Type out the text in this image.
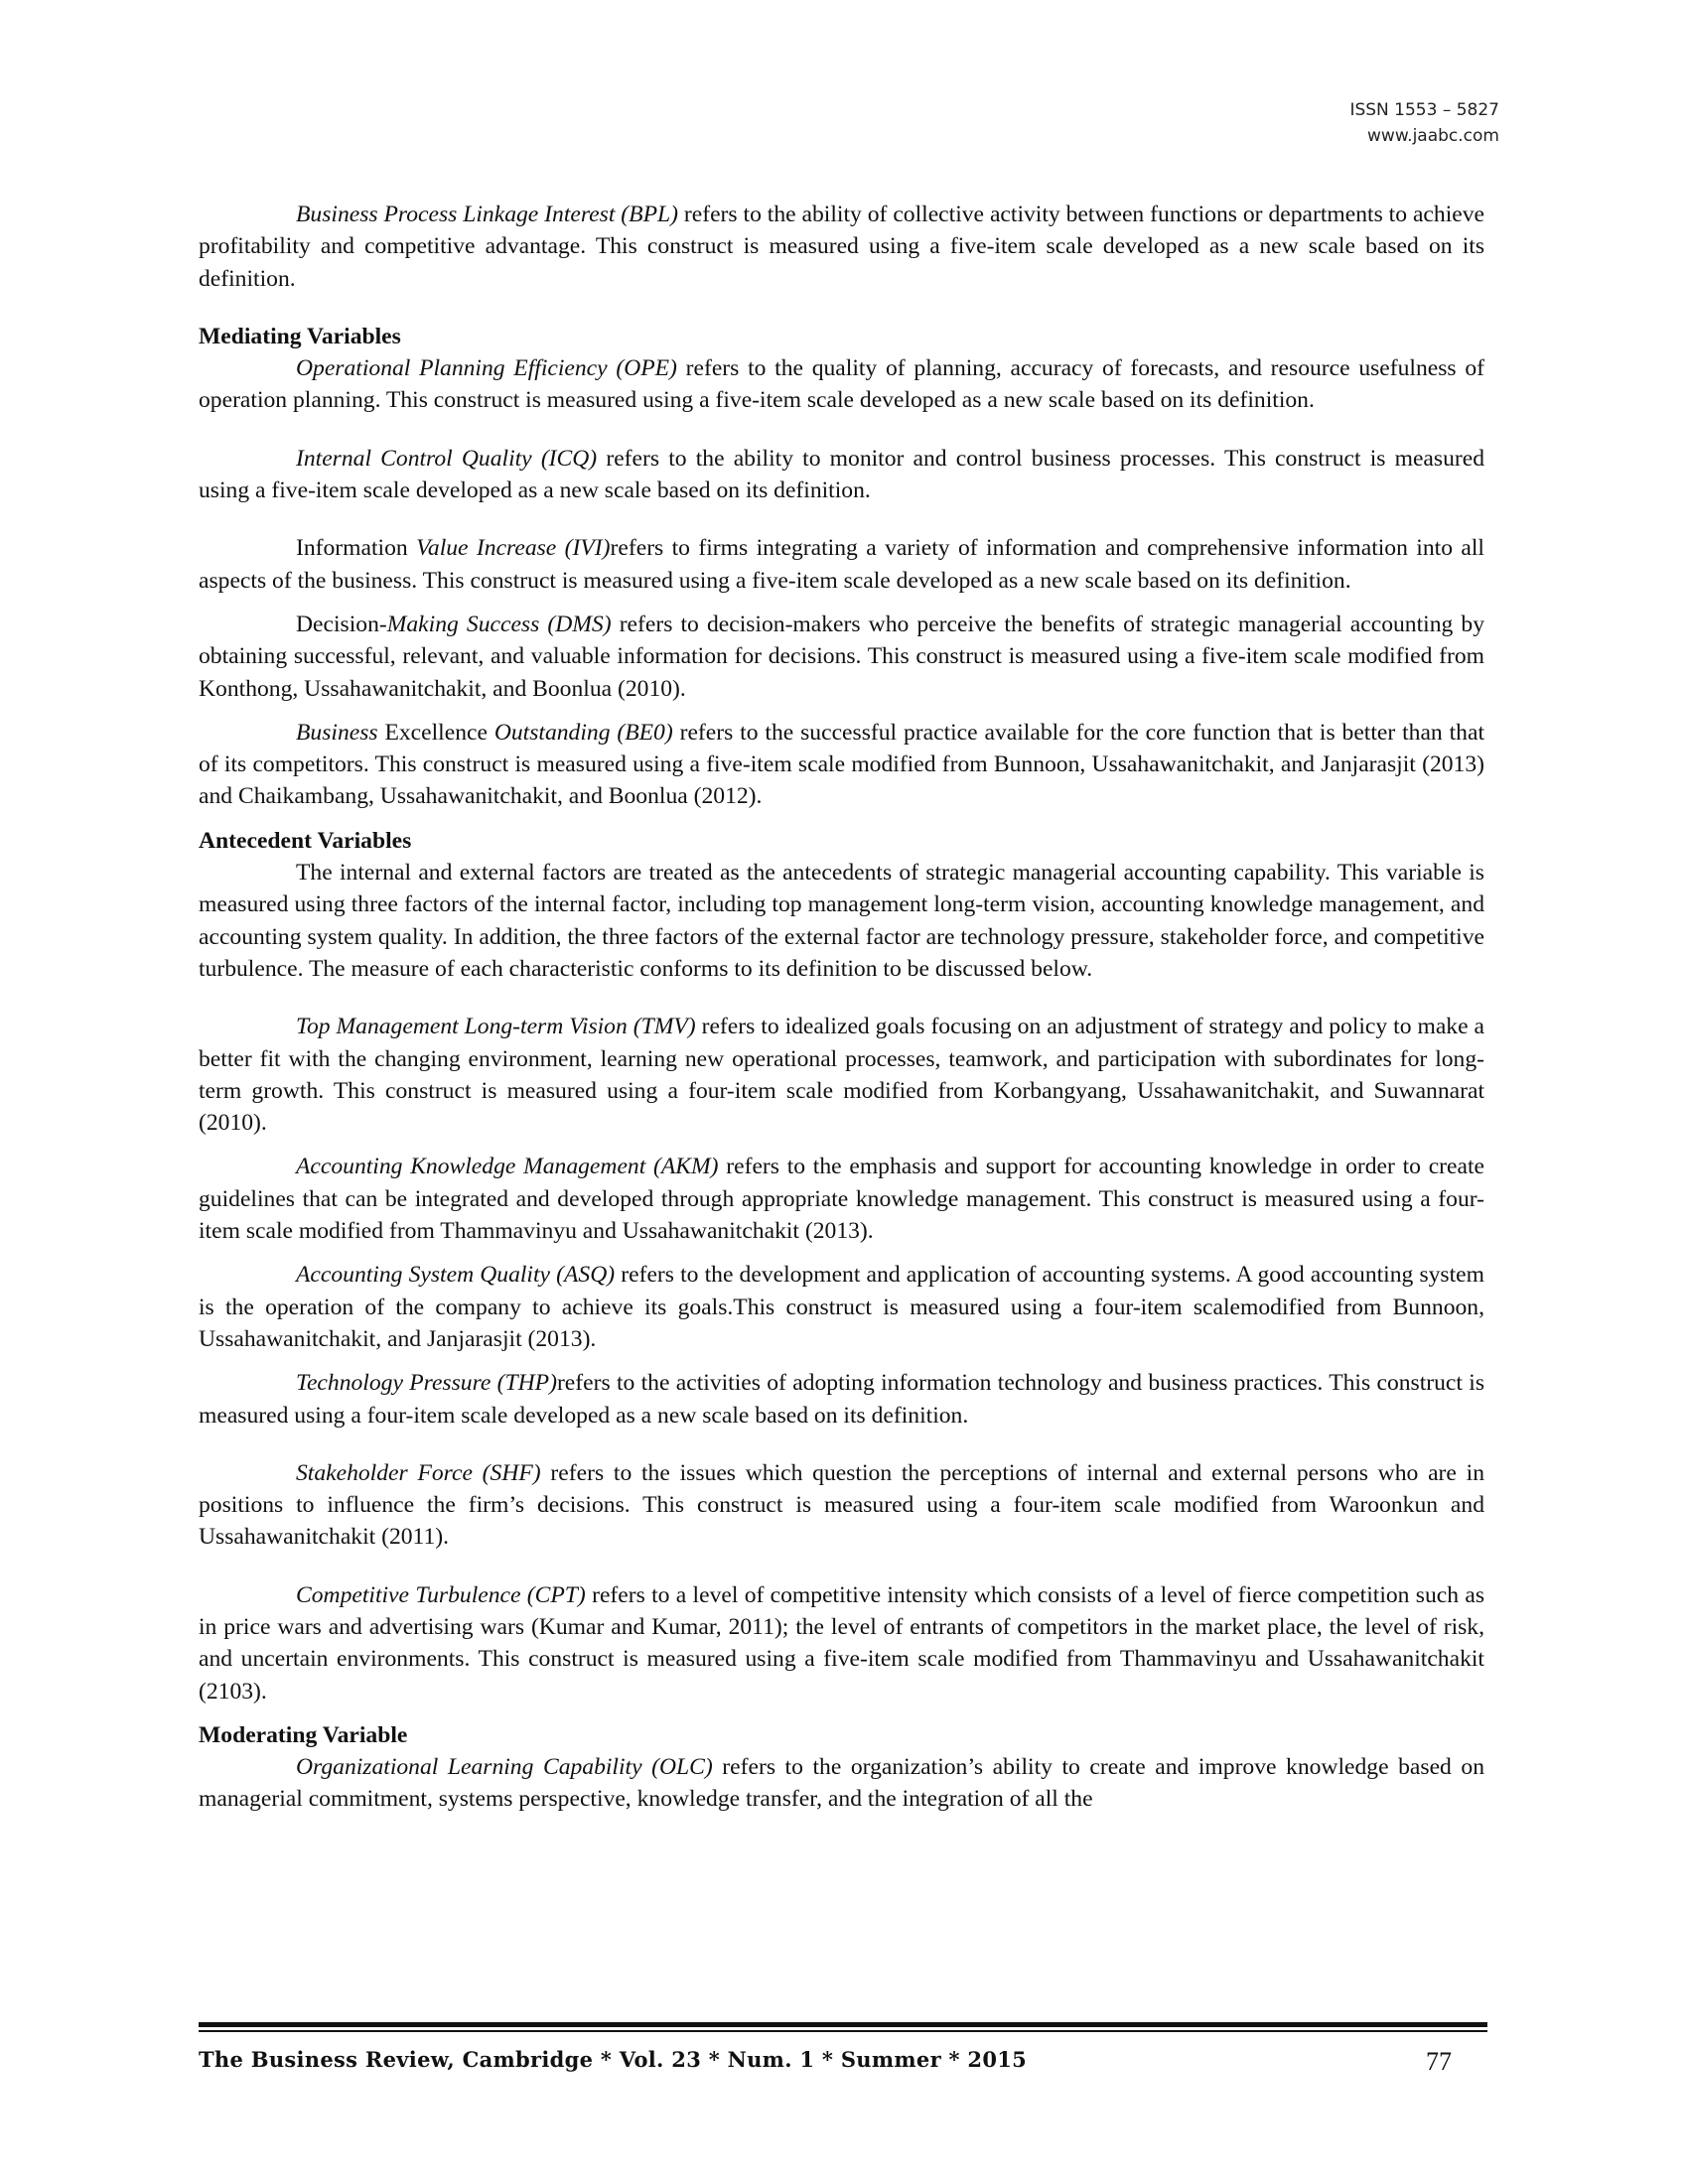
ISSN 1553 – 5827
www.jaabc.com

Business Process Linkage Interest (BPL) refers to the ability of collective activity between functions or departments to achieve profitability and competitive advantage. This construct is measured using a five-item scale developed as a new scale based on its definition.

Mediating Variables

Operational Planning Efficiency (OPE) refers to the quality of planning, accuracy of forecasts, and resource usefulness of operation planning. This construct is measured using a five-item scale developed as a new scale based on its definition.

Internal Control Quality (ICQ) refers to the ability to monitor and control business processes. This construct is measured using a five-item scale developed as a new scale based on its definition.

Information Value Increase (IVI)refers to firms integrating a variety of information and comprehensive information into all aspects of the business. This construct is measured using a five-item scale developed as a new scale based on its definition.

Decision-Making Success (DMS) refers to decision-makers who perceive the benefits of strategic managerial accounting by obtaining successful, relevant, and valuable information for decisions. This construct is measured using a five-item scale modified from Konthong, Ussahawanitchakit, and Boonlua (2010).

Business Excellence Outstanding (BE0) refers to the successful practice available for the core function that is better than that of its competitors. This construct is measured using a five-item scale modified from Bunnoon, Ussahawanitchakit, and Janjarasjit (2013) and Chaikambang, Ussahawanitchakit, and Boonlua (2012).

Antecedent Variables

The internal and external factors are treated as the antecedents of strategic managerial accounting capability. This variable is measured using three factors of the internal factor, including top management long-term vision, accounting knowledge management, and accounting system quality. In addition, the three factors of the external factor are technology pressure, stakeholder force, and competitive turbulence. The measure of each characteristic conforms to its definition to be discussed below.

Top Management Long-term Vision (TMV) refers to idealized goals focusing on an adjustment of strategy and policy to make a better fit with the changing environment, learning new operational processes, teamwork, and participation with subordinates for long-term growth. This construct is measured using a four-item scale modified from Korbangyang, Ussahawanitchakit, and Suwannarat (2010).

Accounting Knowledge Management (AKM) refers to the emphasis and support for accounting knowledge in order to create guidelines that can be integrated and developed through appropriate knowledge management. This construct is measured using a four-item scale modified from Thammavinyu and Ussahawanitchakit (2013).

Accounting System Quality (ASQ) refers to the development and application of accounting systems. A good accounting system is the operation of the company to achieve its goals.This construct is measured using a four-item scalemodified from Bunnoon, Ussahawanitchakit, and Janjarasjit (2013).

Technology Pressure (THP)refers to the activities of adopting information technology and business practices. This construct is measured using a four-item scale developed as a new scale based on its definition.

Stakeholder Force (SHF) refers to the issues which question the perceptions of internal and external persons who are in positions to influence the firm’s decisions. This construct is measured using a four-item scale modified from Waroonkun and Ussahawanitchakit (2011).

Competitive Turbulence (CPT) refers to a level of competitive intensity which consists of a level of fierce competition such as in price wars and advertising wars (Kumar and Kumar, 2011); the level of entrants of competitors in the market place, the level of risk, and uncertain environments. This construct is measured using a five-item scale modified from Thammavinyu and Ussahawanitchakit (2103).

Moderating Variable

Organizational Learning Capability (OLC) refers to the organization’s ability to create and improve knowledge based on managerial commitment, systems perspective, knowledge transfer, and the integration of all the

The Business Review, Cambridge * Vol. 23 * Num. 1 * Summer * 2015	77
